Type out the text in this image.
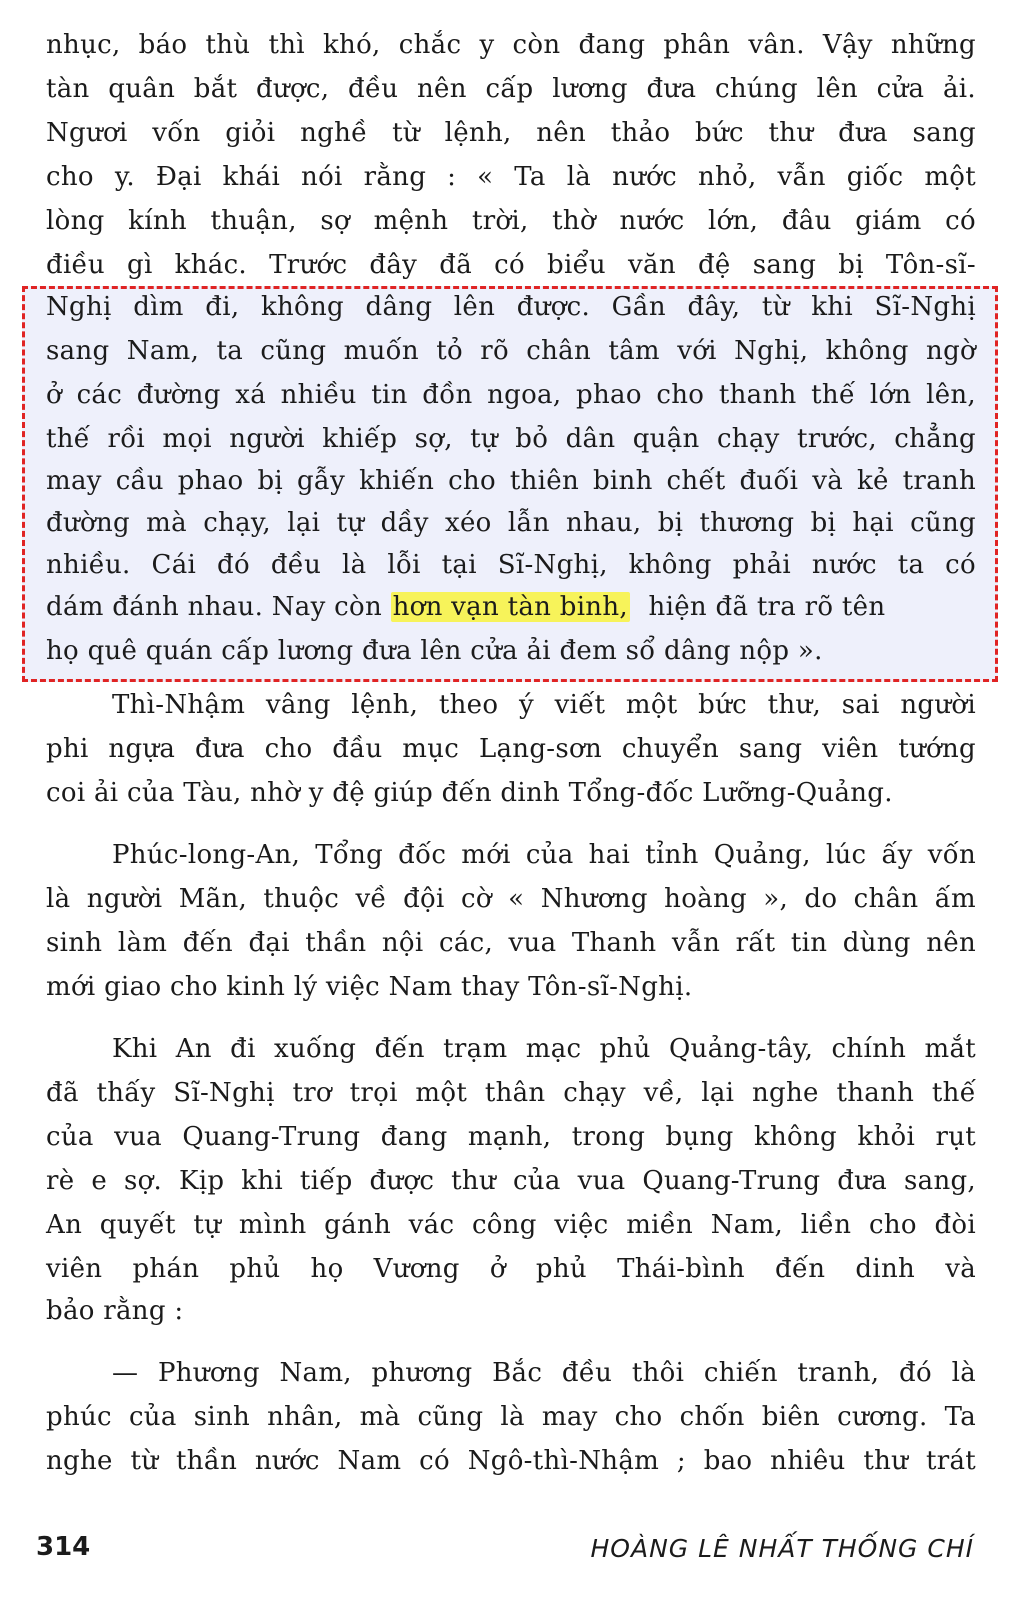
nhục, báo thù thì khó, chắc y còn đang phân vân. Vậy những
tàn quân bắt được, đều nên cấp lương đưa chúng lên cửa ải.
Ngươi vốn giỏi nghề từ lệnh, nên thảo bức thư đưa sang
cho y. Đại khái nói rằng : « Ta là nước nhỏ, vẫn giốc một
lòng kính thuận, sợ mệnh trời, thờ nước lớn, đâu giám có
điều gì khác. Trước đây đã có biểu văn đệ sang bị Tôn-sĩ-
Nghị dìm đi, không dâng lên được. Gần đây, từ khi Sĩ-Nghị
sang Nam, ta cũng muốn tỏ rõ chân tâm với Nghị, không ngờ
ở các đường xá nhiều tin đồn ngoa, phao cho thanh thế lớn lên,
thế rồi mọi người khiếp sợ, tự bỏ dân quận chạy trước, chẳng
may cầu phao bị gẫy khiến cho thiên binh chết đuối và kẻ tranh
đường mà chạy, lại tự dầy xéo lẫn nhau, bị thương bị hại cũng
nhiều. Cái đó đều là lỗi tại Sĩ-Nghị, không phải nước ta có
dám đánh nhau. Nay còn hơn vạn tàn binh, hiện đã tra rõ tên
họ quê quán cấp lương đưa lên cửa ải đem sổ dâng nộp ».
Thì-Nhậm vâng lệnh, theo ý viết một bức thư, sai người
phi ngựa đưa cho đầu mục Lạng-sơn chuyển sang viên tướng
coi ải của Tàu, nhờ y đệ giúp đến dinh Tổng-đốc Lưỡng-Quảng.
Phúc-long-An, Tổng đốc mới của hai tỉnh Quảng, lúc ấy vốn
là người Mãn, thuộc về đội cờ « Nhương hoàng », do chân ấm
sinh làm đến đại thần nội các, vua Thanh vẫn rất tin dùng nên
mới giao cho kinh lý việc Nam thay Tôn-sĩ-Nghị.
Khi An đi xuống đến trạm mạc phủ Quảng-tây, chính mắt
đã thấy Sĩ-Nghị trơ trọi một thân chạy về, lại nghe thanh thế
của vua Quang-Trung đang mạnh, trong bụng không khỏi rụt
rè e sợ. Kịp khi tiếp được thư của vua Quang-Trung đưa sang,
An quyết tự mình gánh vác công việc miền Nam, liền cho đòi
viên phán phủ họ Vương ở phủ Thái-bình đến dinh và
bảo rằng :
— Phương Nam, phương Bắc đều thôi chiến tranh, đó là
phúc của sinh nhân, mà cũng là may cho chốn biên cương. Ta
nghe từ thần nước Nam có Ngô-thì-Nhậm ; bao nhiêu thư trát
314	HOÀNG LÊ NHẤT THỐNG CHÍ
